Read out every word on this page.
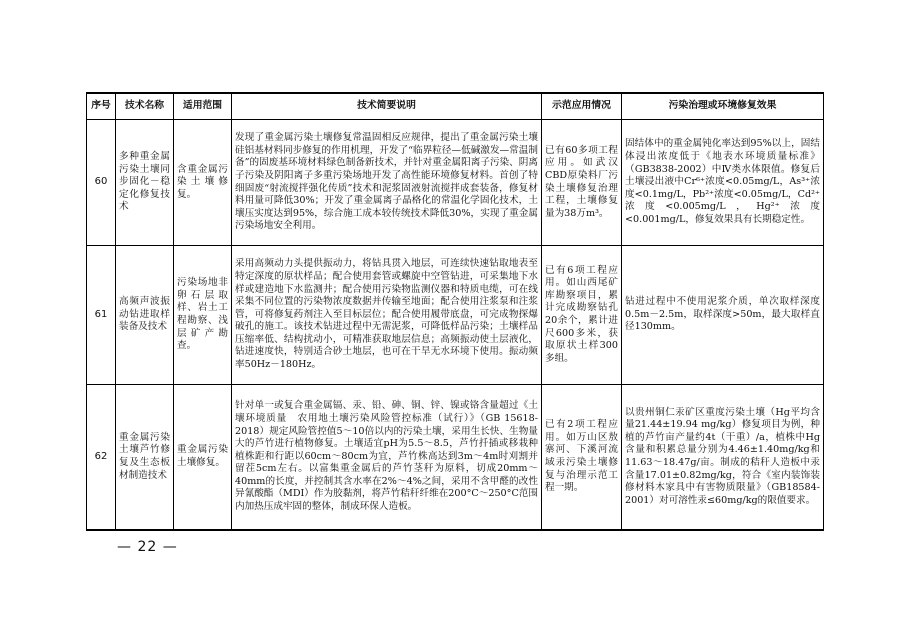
序号	技术名称	适用范围	技术简要说明	示范应用情况	污染治理或环境修复效果
60	多种重金属污染土壤同步固化－稳定化修复技术	含重金属污染土壤修复。	发现了重金属污染土壤修复常温固相反应规律，提出了重金属污染土壤硅铝基材料同步修复的作用机理，开发了“临界粒径—低碱激发—常温制备”的固废基环境材料绿色制备新技术，并针对重金属阳离子污染、阴离子污染及阴阳离子多重污染场地开发了高性能环境修复材料。首创了特细固废“射流搅拌强化传质”技术和泥浆固液射流搅拌成套装备，修复材料用量可降低30%；开发了重金属离子晶格化的常温化学固化技术，土壤压实度达到95%，综合施工成本较传统技术降低30%，实现了重金属污染场地安全利用。	已有60多项工程应用。如武汉CBD原染料厂污染土壤修复治理工程，土壤修复量为38万m³。	固结体中的重金属钝化率达到95%以上，固结体浸出浓度低于《地表水环境质量标准》（GB3838-2002）中Ⅳ类水体限值。修复后土壤浸出液中Cr⁶⁺浓度<0.05mg/L，As³⁺浓度<0.1mg/L，Pb²⁺浓度<0.05mg/L，Cd²⁺浓度<0.005mg/L，Hg²⁺浓度<0.001mg/L，修复效果具有长期稳定性。
61	高频声波振动钻进取样装备及技术	污染场地非卵石层取样、岩土工程勘察、浅层矿产勘查。	采用高频动力头提供振动力，将钻具贯入地层，可连续快速钻取地表至特定深度的原状样品；配合使用套管或螺旋中空管钻进，可采集地下水样或建造地下水监测井；配合使用污染物监测仪器和特质电缆，可在线采集不同位置的污染物浓度数据并传输至地面；配合使用注浆泵和注浆管，可将修复药剂注入至目标层位；配合使用履带底盘，可完成物探爆破孔的施工。该技术钻进过程中无需泥浆，可降低样品污染；土壤样品压缩率低、结构扰动小，可精准获取地层信息；高频振动使土层液化，钻进速度快，特别适合砂土地层，也可在干旱无水环境下使用。振动频率50Hz－180Hz。	已有6项工程应用。如山西尾矿库勘察项目，累计完成勘察钻孔20余个，累计进尺600多米，获取原状土样300多组。	钻进过程中不使用泥浆介质，单次取样深度0.5m－2.5m，取样深度>50m，最大取样直径130mm。
62	重金属污染土壤芦竹修复及生态板材制造技术	重金属污染土壤修复。	针对单一或复合重金属镉、汞、铅、砷、铜、锌、镍或铬含量超过《土壤环境质量　农用地土壤污染风险管控标准（试行）》（GB 15618-2018）规定风险管控值5～10倍以内的污染土壤，采用生长快、生物量大的芦竹进行植物修复。土壤适宜pH为5.5～8.5，芦竹扦插或移栽种植株距和行距以60cm～80cm为宜，芦竹株高达到3m～4m时刈割并留茬5cm左右。以富集重金属后的芦竹茎秆为原料，切成20mm～40mm的长度，并控制其含水率在2%～4%之间，采用不含甲醛的改性异氰酸酯（MDI）作为胶黏剂，将芦竹秸秆纤维在200°C～250°C范围内加热压成牢固的整体，制成环保人造板。	已有2项工程应用。如万山区敖寨河、下溪河流域汞污染土壤修复与治理示范工程一期。	以贵州铜仁汞矿区重度污染土壤（Hg平均含量21.44±19.94 mg/kg）修复项目为例，种植的芦竹亩产量约4t（干重）/a，植株中Hg含量和积累总量分别为4.46±1.40mg/kg和11.63～18.47g/亩。制成的秸秆人造板中汞含量17.01±0.82mg/kg，符合《室内装饰装修材料木家具中有害物质限量》（GB18584-2001）对可溶性汞≤60mg/kg的限值要求。
— 22 —
